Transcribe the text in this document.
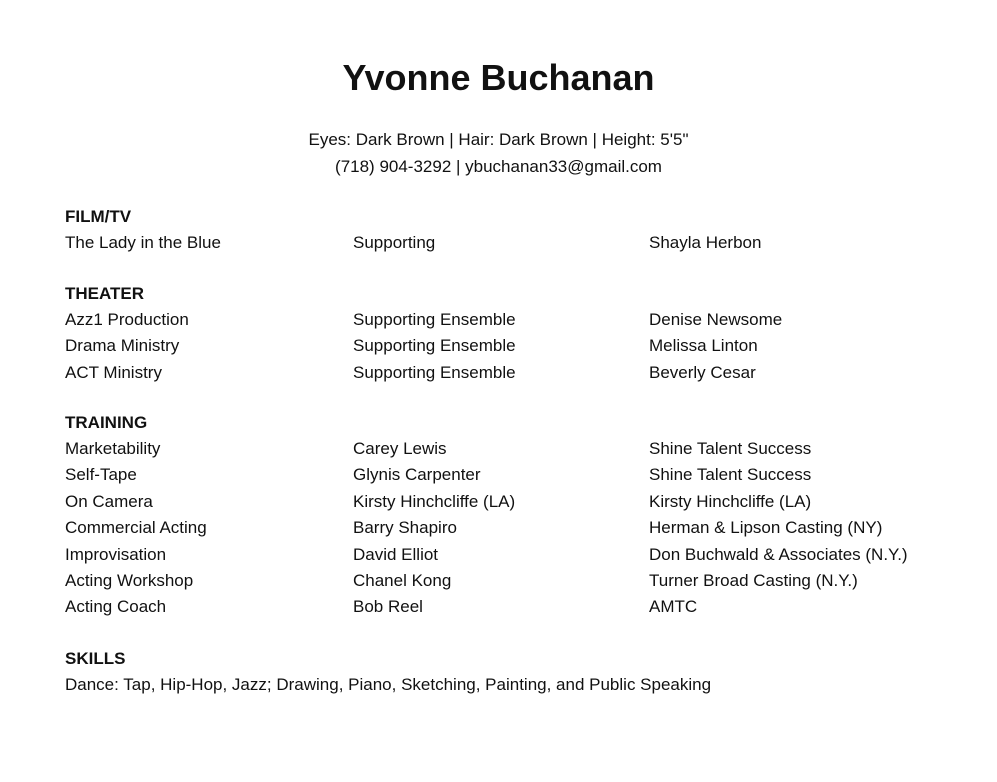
Yvonne Buchanan
Eyes: Dark Brown | Hair: Dark Brown | Height: 5'5"
(718) 904-3292 | ybuchanan33@gmail.com
FILM/TV
The Lady in the Blue	Supporting	Shayla Herbon
THEATER
Azz1 Production	Supporting Ensemble	Denise Newsome
Drama Ministry	Supporting Ensemble	Melissa Linton
ACT Ministry	Supporting Ensemble	Beverly Cesar
TRAINING
Marketability	Carey Lewis	Shine Talent Success
Self-Tape	Glynis Carpenter	Shine Talent Success
On Camera	Kirsty Hinchcliffe (LA)	Kirsty Hinchcliffe (LA)
Commercial Acting	Barry Shapiro	Herman & Lipson Casting (NY)
Improvisation	David Elliot	Don Buchwald & Associates (N.Y.)
Acting Workshop	Chanel Kong	Turner Broad Casting (N.Y.)
Acting Coach	Bob Reel	AMTC
SKILLS
Dance: Tap, Hip-Hop, Jazz; Drawing, Piano, Sketching, Painting, and Public Speaking
